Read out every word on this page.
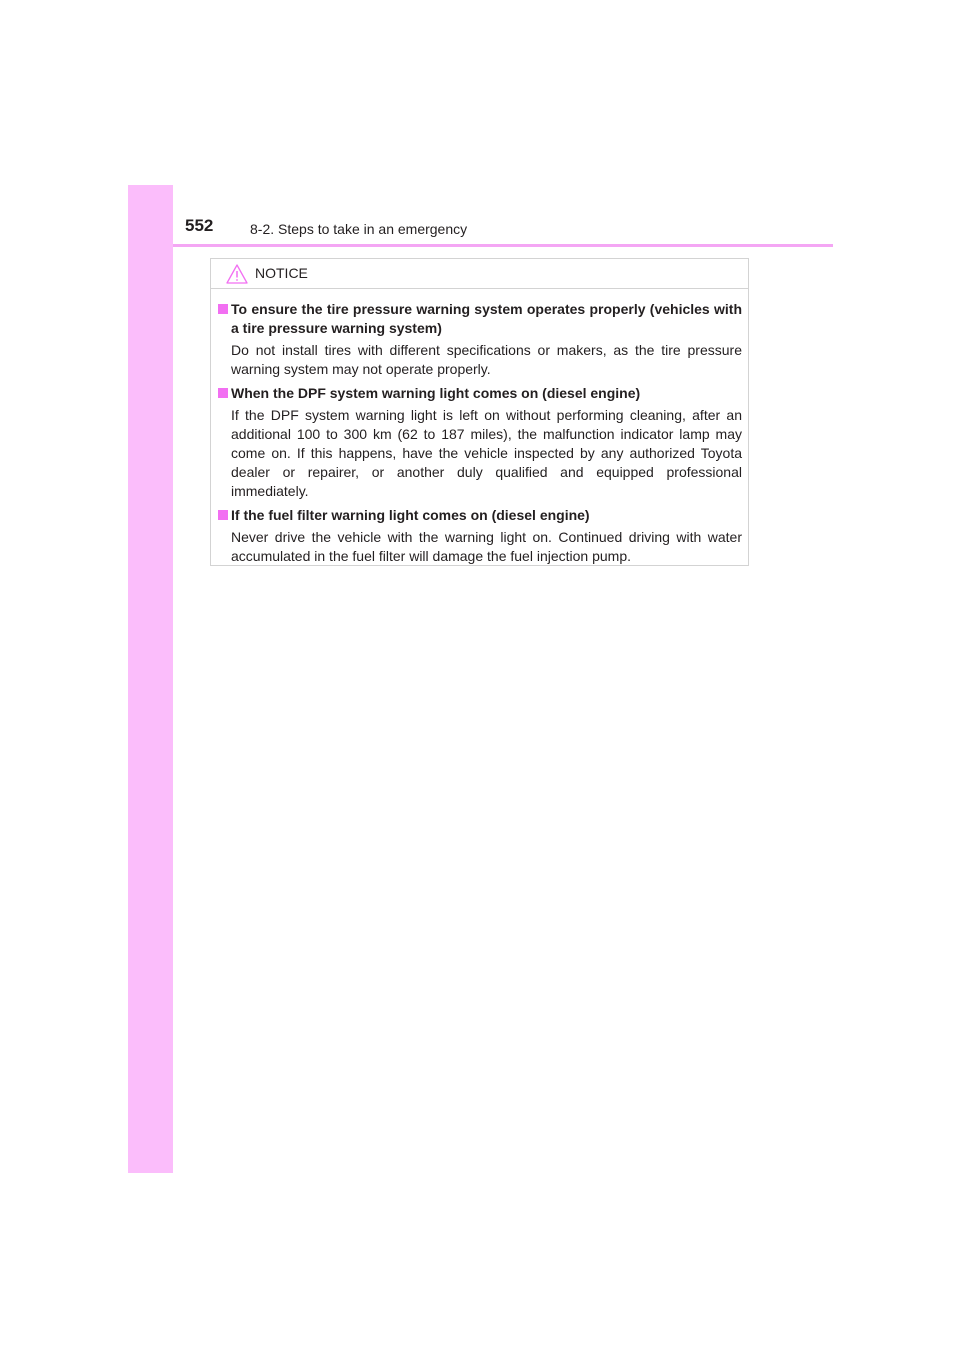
552	8-2. Steps to take in an emergency
NOTICE

To ensure the tire pressure warning system operates properly (vehicles with a tire pressure warning system)

Do not install tires with different specifications or makers, as the tire pressure warning system may not operate properly.

When the DPF system warning light comes on (diesel engine)

If the DPF system warning light is left on without performing cleaning, after an additional 100 to 300 km (62 to 187 miles), the malfunction indicator lamp may come on. If this happens, have the vehicle inspected by any authorized Toyota dealer or repairer, or another duly qualified and equipped professional immediately.

If the fuel filter warning light comes on (diesel engine)

Never drive the vehicle with the warning light on. Continued driving with water accumulated in the fuel filter will damage the fuel injection pump.
